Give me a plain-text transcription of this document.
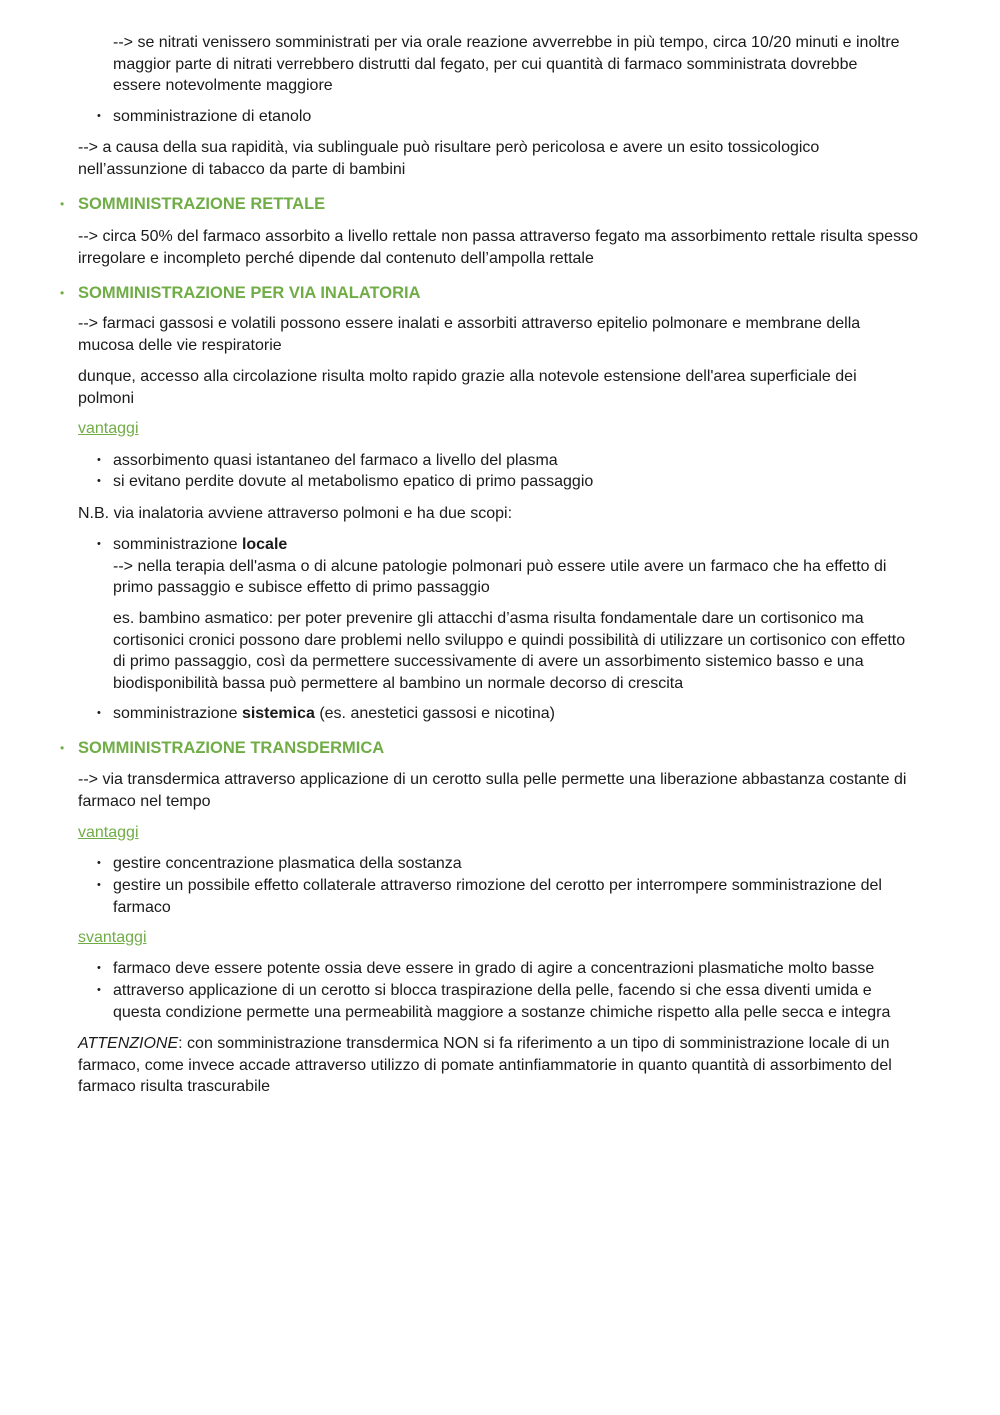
--> se nitrati venissero somministrati per via orale reazione avverrebbe in più tempo, circa 10/20 minuti e inoltre
maggior parte di nitrati verrebbero distrutti dal fegato, per cui quantità di farmaco somministrata dovrebbe
essere notevolmente maggiore

• somministrazione di etanolo

--> a causa della sua rapidità, via sublinguale può risultare però pericolosa e avere un esito tossicologico
nell’assunzione di tabacco da parte di bambini

• SOMMINISTRAZIONE RETTALE

--> circa 50% del farmaco assorbito a livello rettale non passa attraverso fegato ma assorbimento rettale risulta spesso
irregolare e incompleto perché dipende dal contenuto dell’ampolla rettale

• SOMMINISTRAZIONE PER VIA INALATORIA

--> farmaci gassosi e volatili possono essere inalati e assorbiti attraverso epitelio polmonare e membrane della
mucosa delle vie respiratorie

dunque, accesso alla circolazione risulta molto rapido grazie alla notevole estensione dell'area superficiale dei
polmoni

vantaggi

• assorbimento quasi istantaneo del farmaco a livello del plasma

• si evitano perdite dovute al metabolismo epatico di primo passaggio

N.B. via inalatoria avviene attraverso polmoni e ha due scopi:

• somministrazione locale
--> nella terapia dell'asma o di alcune patologie polmonari può essere utile avere un farmaco che ha effetto di
primo passaggio e subisce effetto di primo passaggio

es. bambino asmatico: per poter prevenire gli attacchi d’asma risulta fondamentale dare un cortisonico ma
cortisonici cronici possono dare problemi nello sviluppo e quindi possibilità di utilizzare un cortisonico con effetto
di primo passaggio, così da permettere successivamente di avere un assorbimento sistemico basso e una
biodisponibilità bassa può permettere al bambino un normale decorso di crescita

• somministrazione sistemica (es. anestetici gassosi e nicotina)

• SOMMINISTRAZIONE TRANSDERMICA

--> via transdermica attraverso applicazione di un cerotto sulla pelle permette una liberazione abbastanza costante di
farmaco nel tempo

vantaggi

• gestire concentrazione plasmatica della sostanza

• gestire un possibile effetto collaterale attraverso rimozione del cerotto per interrompere somministrazione del
farmaco

svantaggi

• farmaco deve essere potente ossia deve essere in grado di agire a concentrazioni plasmatiche molto basse

• attraverso applicazione di un cerotto si blocca traspirazione della pelle, facendo si che essa diventi umida e
questa condizione permette una permeabilità maggiore a sostanze chimiche rispetto alla pelle secca e integra

ATTENZIONE: con somministrazione transdermica NON si fa riferimento a un tipo di somministrazione locale di un
farmaco, come invece accade attraverso utilizzo di pomate antinfiammatorie in quanto quantità di assorbimento del
farmaco risulta trascurabile
